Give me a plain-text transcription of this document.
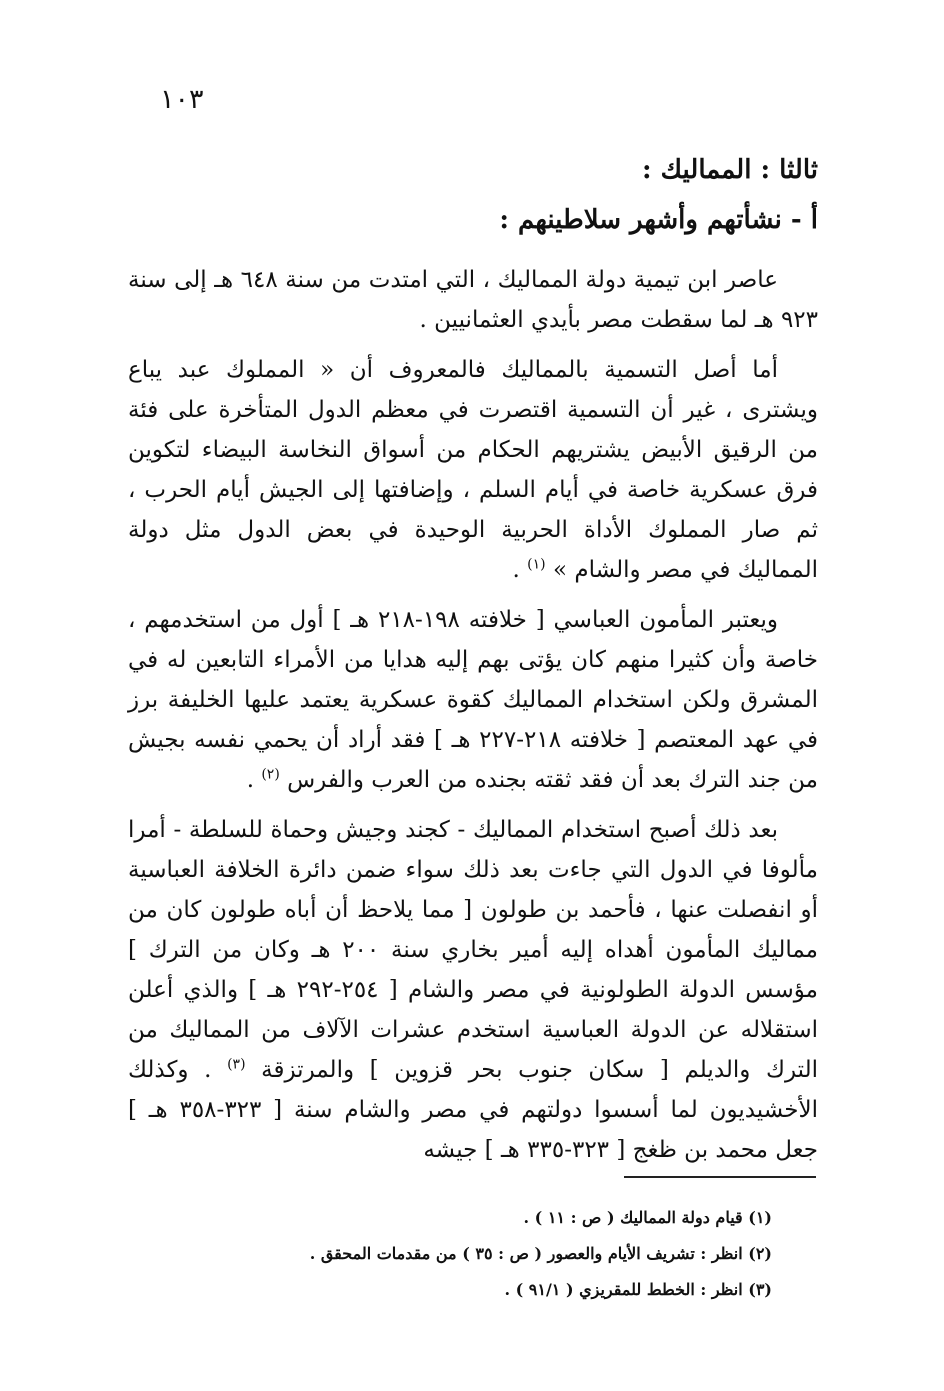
١٠٣
ثالثا : المماليك :
أ - نشأتهم وأشهر سلاطينهم :

عاصر ابن تيمية دولة المماليك ، التي امتدت من سنة ٦٤٨ هـ إلى سنة ٩٢٣ هـ لما سقطت مصر بأيدي العثمانيين .

أما أصل التسمية بالمماليك فالمعروف أن « المملوك عبد يباع ويشترى ، غير أن التسمية اقتصرت في معظم الدول المتأخرة على فئة من الرقيق الأبيض يشتريهم الحكام من أسواق النخاسة البيضاء لتكوين فرق عسكرية خاصة في أيام السلم ، وإضافتها إلى الجيش أيام الحرب ، ثم صار المملوك الأداة الحربية الوحيدة في بعض الدول مثل دولة المماليك في مصر والشام » $^{(١)}$ .

ويعتبر المأمون العباسي [ خلافته ١٩٨-٢١٨ هـ ] أول من استخدمهم ، خاصة وأن كثيرا منهم كان يؤتى بهم إليه هدايا من الأمراء التابعين له في المشرق ولكن استخدام المماليك كقوة عسكرية يعتمد عليها الخليفة برز في عهد المعتصم [ خلافته ٢١٨-٢٢٧ هـ ] فقد أراد أن يحمي نفسه بجيش من جند الترك بعد أن فقد ثقته بجنده من العرب والفرس $^{(٢)}$ .

بعد ذلك أصبح استخدام المماليك - كجند وجيش وحماة للسلطة - أمرا مألوفا في الدول التي جاءت بعد ذلك سواء ضمن دائرة الخلافة العباسية أو انفصلت عنها ، فأحمد بن طولون [ مما يلاحظ أن أباه طولون كان من مماليك المأمون أهداه إليه أمير بخاري سنة ٢٠٠ هـ وكان من الترك ] مؤسس الدولة الطولونية في مصر والشام [ ٢٥٤-٢٩٢ هـ ] والذي أعلن استقلاله عن الدولة العباسية استخدم عشرات الآلاف من المماليك من الترك والديلم [ سكان جنوب بحر قزوين ] والمرتزقة $^{(٣)}$ . وكذلك الأخشيديون لما أسسوا دولتهم في مصر والشام سنة [ ٣٢٣-٣٥٨ هـ ] جعل محمد بن ظغج [ ٣٢٣-٣٣٥ هـ ] جيشه

(١) قيام دولة المماليك ( ص : ١١ ) .

(٢) انظر : تشريف الأيام والعصور ( ص : ٣٥ ) من مقدمات المحقق .

(٣) انظر : الخطط للمقريزي ( ٩١/١ ) .
